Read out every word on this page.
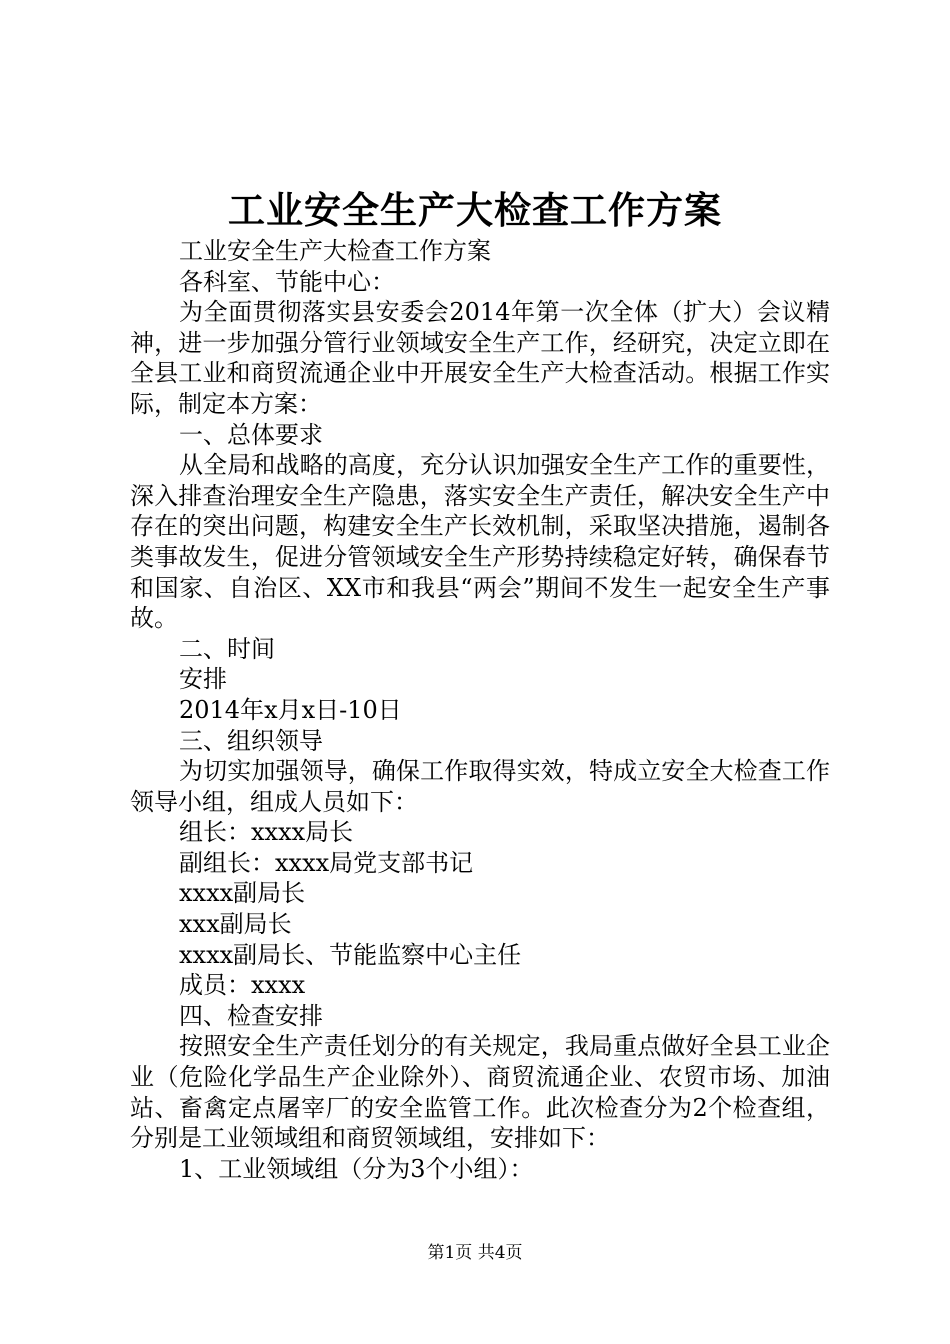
工业安全生产大检查工作方案

工业安全生产大检查工作方案

各科室、节能中心：

为全面贯彻落实县安委会2014年第一次全体（扩大）会议精神，进一步加强分管行业领域安全生产工作，经研究，决定立即在全县工业和商贸流通企业中开展安全生产大检查活动。根据工作实际，制定本方案：

一、总体要求

从全局和战略的高度，充分认识加强安全生产工作的重要性，深入排查治理安全生产隐患，落实安全生产责任，解决安全生产中存在的突出问题，构建安全生产长效机制，采取坚决措施，遏制各类事故发生，促进分管领域安全生产形势持续稳定好转，确保春节和国家、自治区、XX市和我县“两会”期间不发生一起安全生产事故。

二、时间

安排

2014年x月x日-10日

三、组织领导

为切实加强领导，确保工作取得实效，特成立安全大检查工作领导小组，组成人员如下：

组长：xxxx局长

副组长：xxxx局党支部书记

xxxx副局长

xxx副局长

xxxx副局长、节能监察中心主任

成员：xxxx

四、检查安排

按照安全生产责任划分的有关规定，我局重点做好全县工业企业（危险化学品生产企业除外）、商贸流通企业、农贸市场、加油站、畜禽定点屠宰厂的安全监管工作。此次检查分为2个检查组，分别是工业领域组和商贸领域组，安排如下：

1、工业领域组（分为3个小组）：

第1页 共4页
